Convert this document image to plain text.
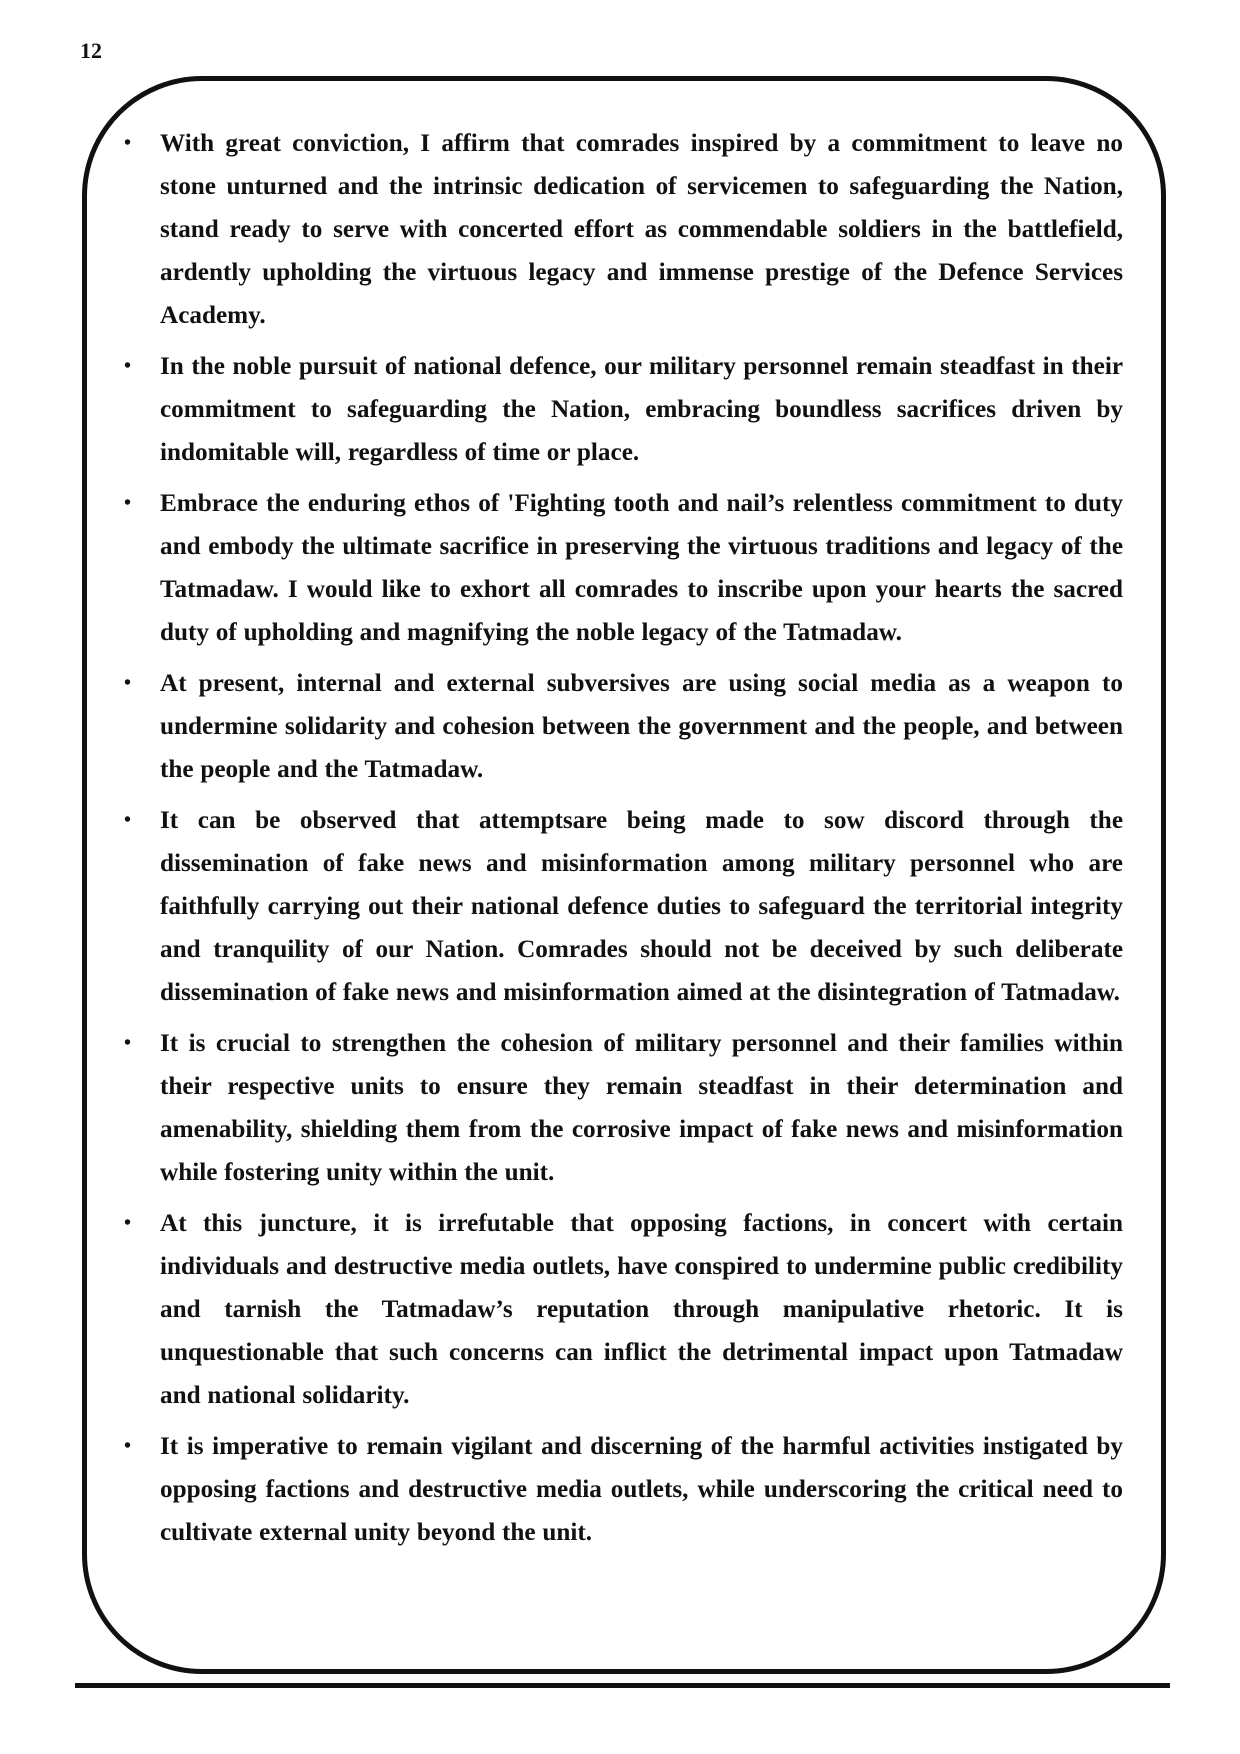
12
• With great conviction, I affirm that comrades inspired by a commitment to leave no stone unturned and the intrinsic dedication of servicemen to safeguarding the Nation, stand ready to serve with concerted effort as commendable soldiers in the battlefield, ardently upholding the virtuous legacy and immense prestige of the Defence Services Academy.
• In the noble pursuit of national defence, our military personnel remain steadfast in their commitment to safeguarding the Nation, embracing boundless sacrifices driven by indomitable will, regardless of time or place.
• Embrace the enduring ethos of 'Fighting tooth and nail’s relentless commitment to duty and embody the ultimate sacrifice in preserving the virtuous traditions and legacy of the Tatmadaw. I would like to exhort all comrades to inscribe upon your hearts the sacred duty of upholding and magnifying the noble legacy of the Tatmadaw.
• At present, internal and external subversives are using social media as a weapon to undermine solidarity and cohesion between the government and the people, and between the people and the Tatmadaw.
• It can be observed that attemptsare being made to sow discord through the dissemination of fake news and misinformation among military personnel who are faithfully carrying out their national defence duties to safeguard the territorial integrity and tranquility of our Nation. Comrades should not be deceived by such deliberate dissemination of fake news and misinformation aimed at the disintegration of Tatmadaw.
• It is crucial to strengthen the cohesion of military personnel and their families within their respective units to ensure they remain steadfast in their determination and amenability, shielding them from the corrosive impact of fake news and misinformation while fostering unity within the unit.
• At this juncture, it is irrefutable that opposing factions, in concert with certain individuals and destructive media outlets, have conspired to undermine public credibility and tarnish the Tatmadaw’s reputation through manipulative rhetoric. It is unquestionable that such concerns can inflict the detrimental impact upon Tatmadaw and national solidarity.
• It is imperative to remain vigilant and discerning of the harmful activities instigated by opposing factions and destructive media outlets, while underscoring the critical need to cultivate external unity beyond the unit.
